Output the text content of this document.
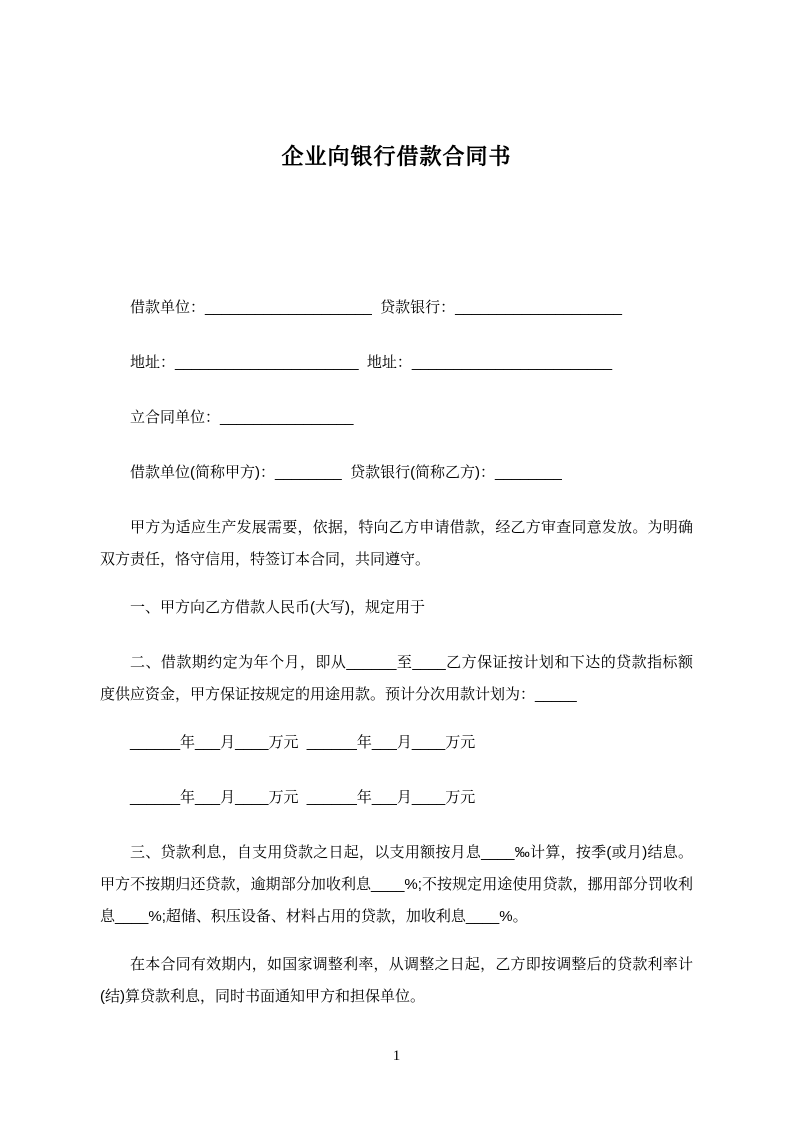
企业向银行借款合同书

借款单位：____________________  贷款银行：____________________

地址：______________________  地址：________________________

立合同单位：________________

借款单位(简称甲方)：________  贷款银行(简称乙方)：________

甲方为适应生产发展需要，依据，特向乙方申请借款，经乙方审查同意发放。为明确双方责任，恪守信用，特签订本合同，共同遵守。

一、甲方向乙方借款人民币(大写)，规定用于

二、借款期约定为年个月，即从______至____乙方保证按计划和下达的贷款指标额度供应资金，甲方保证按规定的用途用款。预计分次用款计划为：_____

______年___月____万元  ______年___月____万元

______年___月____万元  ______年___月____万元

三、贷款利息，自支用贷款之日起，以支用额按月息____‰计算，按季(或月)结息。甲方不按期归还贷款，逾期部分加收利息____%;不按规定用途使用贷款，挪用部分罚收利息____%;超储、积压设备、材料占用的贷款，加收利息____%。

在本合同有效期内，如国家调整利率，从调整之日起，乙方即按调整后的贷款利率计(结)算贷款利息，同时书面通知甲方和担保单位。

1
